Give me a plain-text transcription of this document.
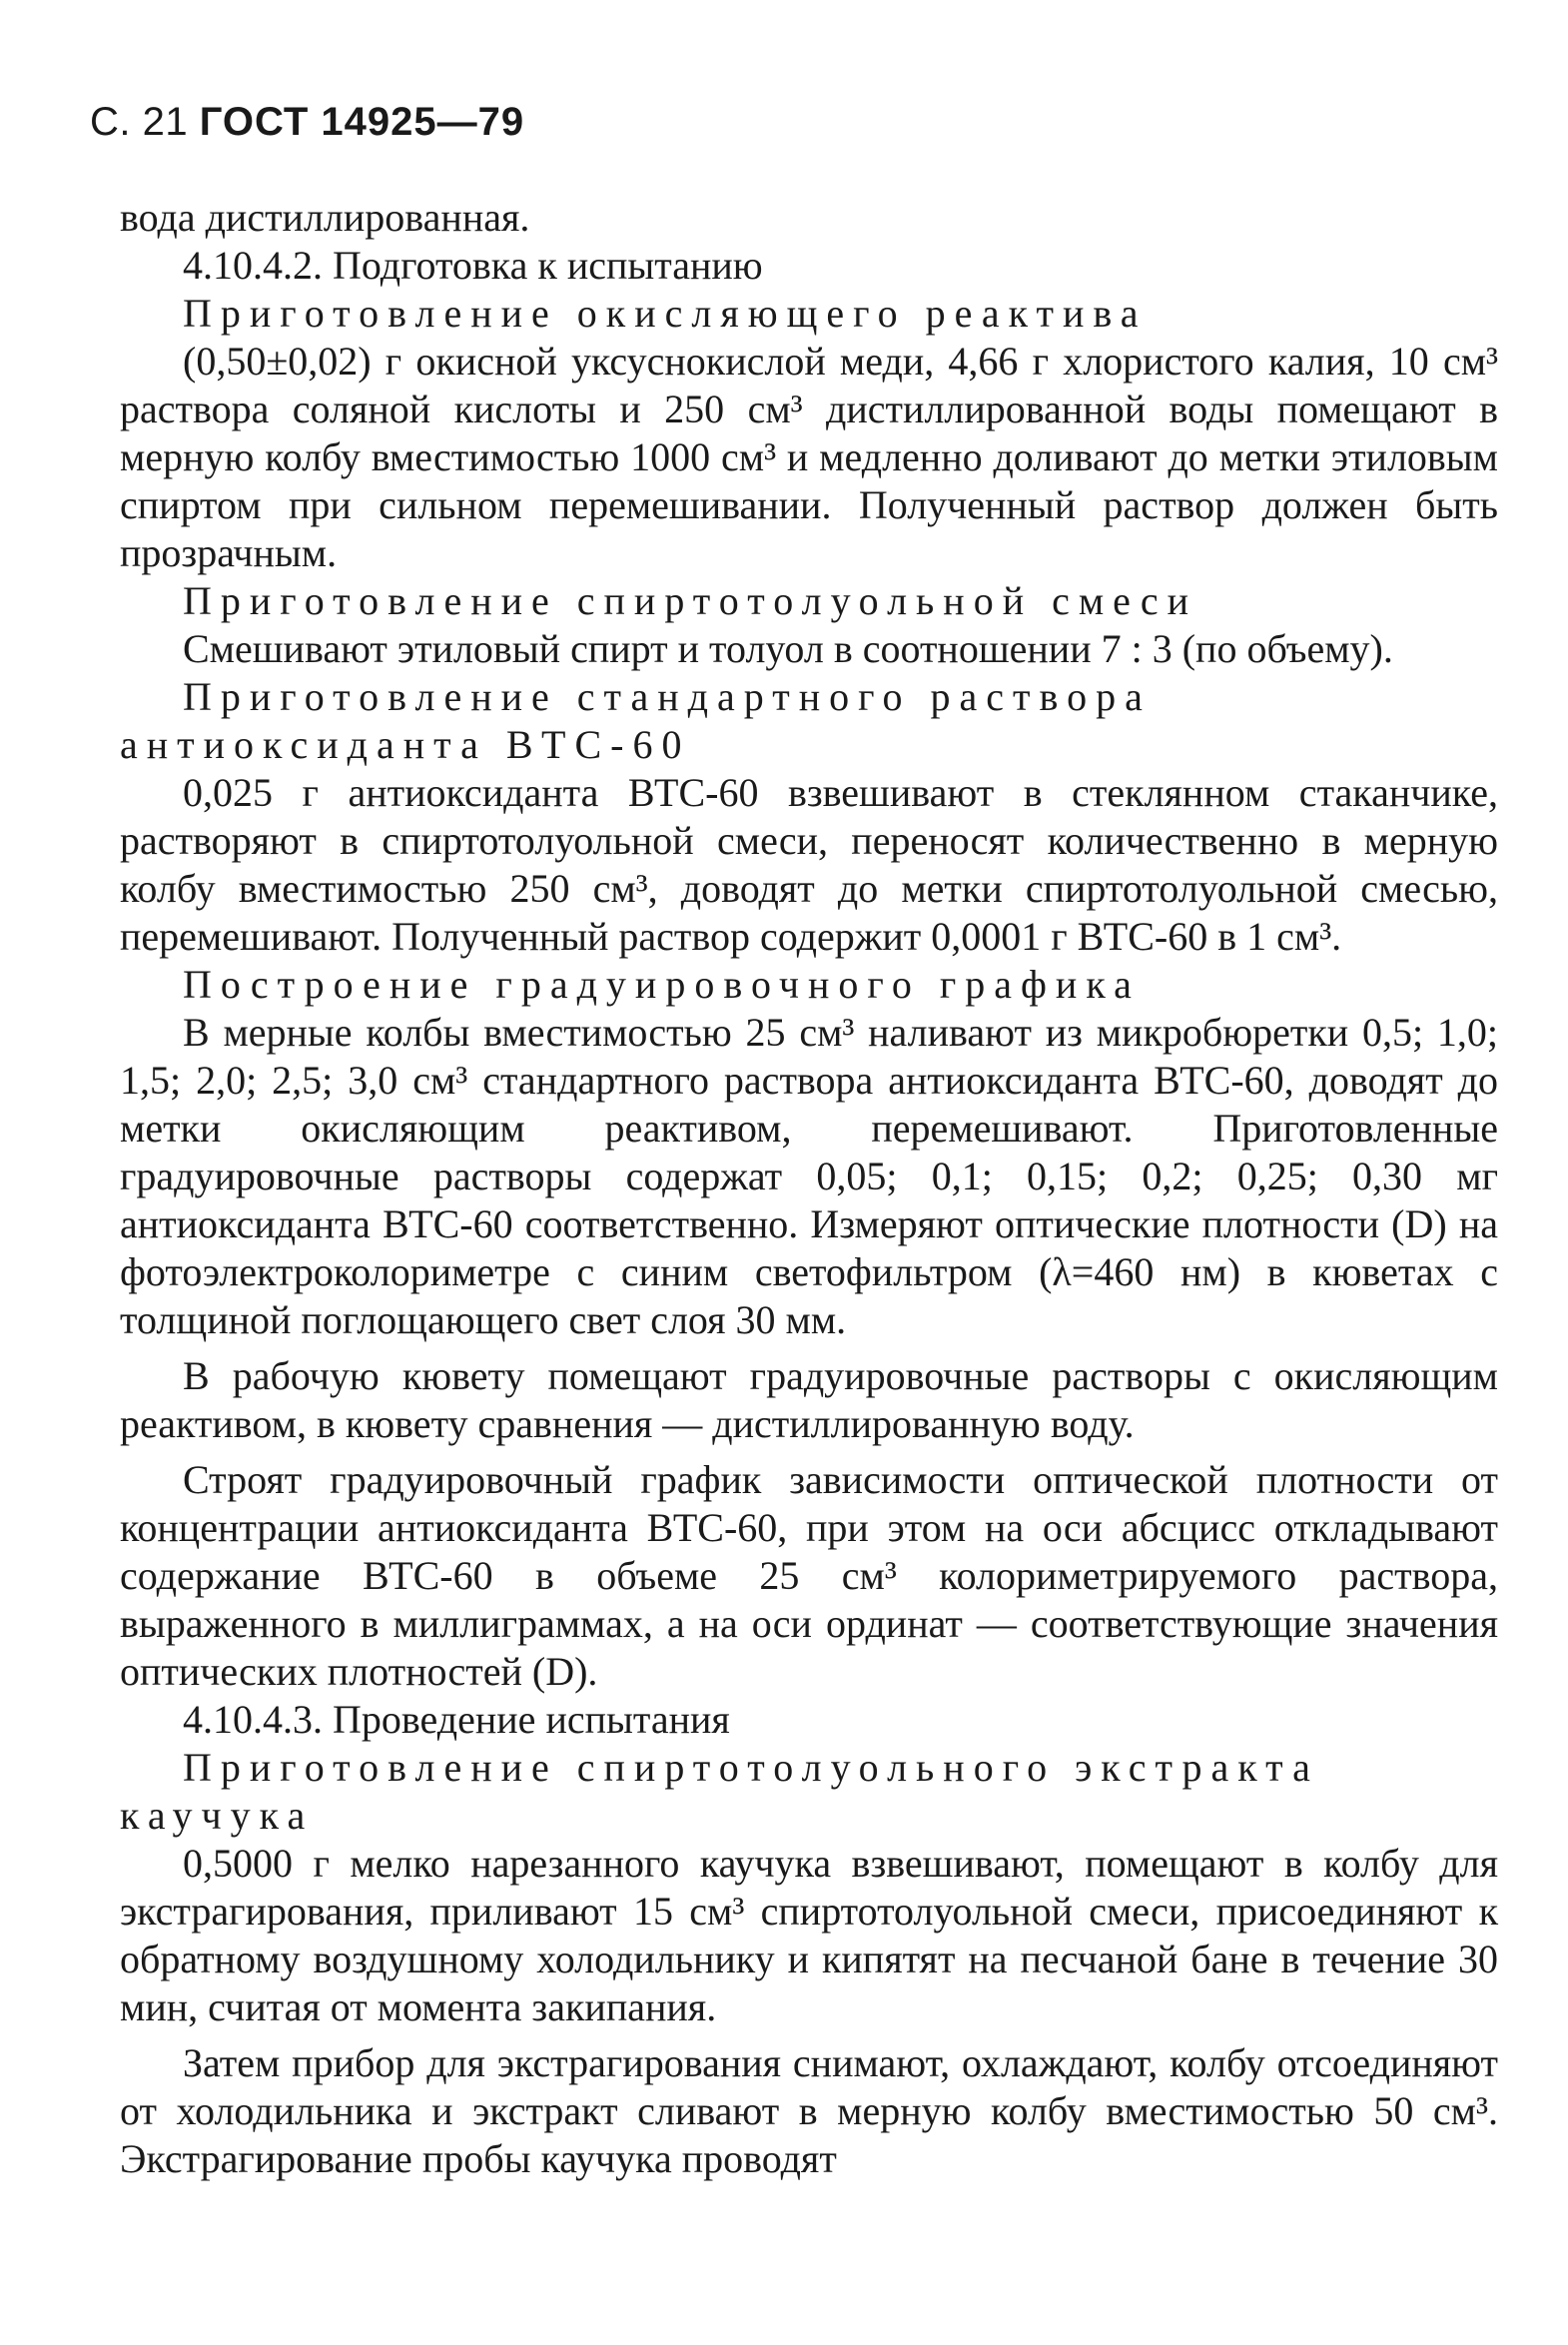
С. 21 ГОСТ 14925—79

вода дистиллированная.

4.10.4.2. Подготовка к испытанию

Приготовление окисляющего реактива

(0,50±0,02) г окисной уксуснокислой меди, 4,66 г хлористого калия, 10 см³ раствора соляной кислоты и 250 см³ дистиллированной воды помещают в мерную колбу вместимостью 1000 см³ и медленно доливают до метки этиловым спиртом при сильном перемешивании. Полученный раствор должен быть прозрачным.

Приготовление спиртотолуольной смеси

Смешивают этиловый спирт и толуол в соотношении 7 : 3 (по объему).

Приготовление стандартного раствора антиоксиданта ВТС-60

0,025 г антиоксиданта ВТС-60 взвешивают в стеклянном стаканчике, растворяют в спиртотолуольной смеси, переносят количественно в мерную колбу вместимостью 250 см³, доводят до метки спиртотолуольной смесью, перемешивают. Полученный раствор содержит 0,0001 г ВТС-60 в 1 см³.

Построение градуировочного графика

В мерные колбы вместимостью 25 см³ наливают из микробюретки 0,5; 1,0; 1,5; 2,0; 2,5; 3,0 см³ стандартного раствора антиоксиданта ВТС-60, доводят до метки окисляющим реактивом, перемешивают. Приготовленные градуировочные растворы содержат 0,05; 0,1; 0,15; 0,2; 0,25; 0,30 мг антиоксиданта ВТС-60 соответственно. Измеряют оптические плотности (D) на фотоэлектроколориметре с синим светофильтром (λ=460 нм) в кюветах с толщиной поглощающего свет слоя 30 мм.

В рабочую кювету помещают градуировочные растворы с окисляющим реактивом, в кювету сравнения — дистиллированную воду.

Строят градуировочный график зависимости оптической плотности от концентрации антиоксиданта ВТС-60, при этом на оси абсцисс откладывают содержание ВТС-60 в объеме 25 см³ колориметрируемого раствора, выраженного в миллиграммах, а на оси ординат — соответствующие значения оптических плотностей (D).

4.10.4.3. Проведение испытания

Приготовление спиртотолуольного экстракта каучука

0,5000 г мелко нарезанного каучука взвешивают, помещают в колбу для экстрагирования, приливают 15 см³ спиртотолуольной смеси, присоединяют к обратному воздушному холодильнику и кипятят на песчаной бане в течение 30 мин, считая от момента закипания.

Затем прибор для экстрагирования снимают, охлаждают, колбу отсоединяют от холодильника и экстракт сливают в мерную колбу вместимостью 50 см³. Экстрагирование пробы каучука проводят
